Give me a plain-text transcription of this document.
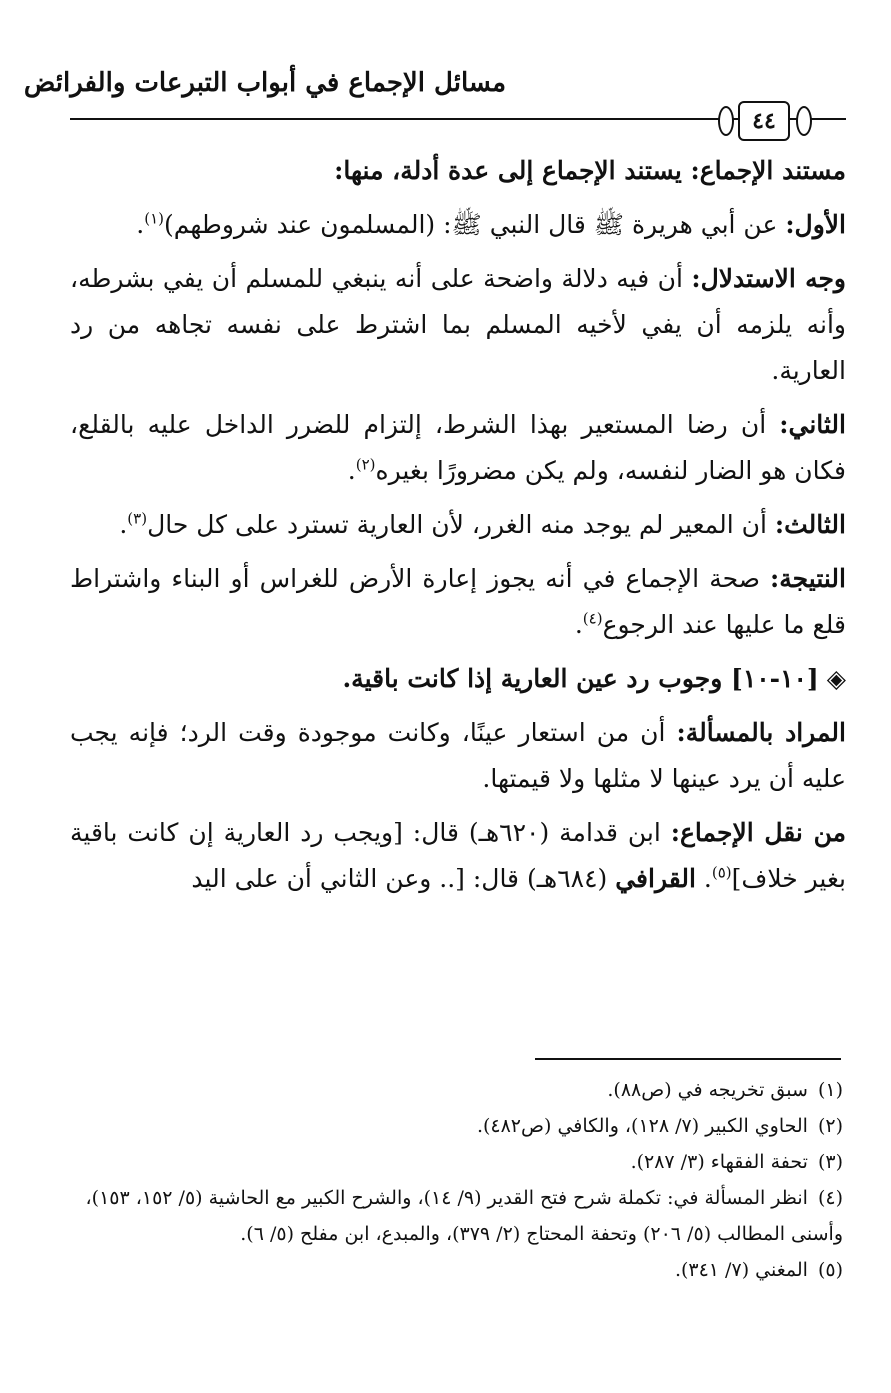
مسائل الإجماع في أبواب التبرعات والفرائض
٤٤

مستند الإجماع: يستند الإجماع إلى عدة أدلة، منها:

الأول: عن أبي هريرة ﷺ قال النبي ﷺ: (المسلمون عند شروطهم)$^{(١)}$.

وجه الاستدلال: أن فيه دلالة واضحة على أنه ينبغي للمسلم أن يفي بشرطه، وأنه يلزمه أن يفي لأخيه المسلم بما اشترط على نفسه تجاهه من رد العارية.

الثاني: أن رضا المستعير بهذا الشرط، إلتزام للضرر الداخل عليه بالقلع، فكان هو الضار لنفسه، ولم يكن مضرورًا بغيره$^{(٢)}$.

الثالث: أن المعير لم يوجد منه الغرر، لأن العارية تسترد على كل حال$^{(٣)}$.

النتيجة: صحة الإجماع في أنه يجوز إعارة الأرض للغراس أو البناء واشتراط قلع ما عليها عند الرجوع$^{(٤)}$.

◈[١٠-١٠] وجوب رد عين العارية إذا كانت باقية.

المراد بالمسألة: أن من استعار عينًا، وكانت موجودة وقت الرد؛ فإنه يجب عليه أن يرد عينها لا مثلها ولا قيمتها.

من نقل الإجماع: ابن قدامة (٦٢٠هـ) قال: [ويجب رد العارية إن كانت باقية بغير خلاف]$^{(٥)}$. القرافي (٦٨٤هـ) قال: [.. وعن الثاني أن على اليد

(١)سبق تخريجه في (ص٨٨).

(٢)الحاوي الكبير (٧/ ١٢٨)، والكافي (ص٤٨٢).

(٣)تحفة الفقهاء (٣/ ٢٨٧).

(٤)انظر المسألة في: تكملة شرح فتح القدير (٩/ ١٤)، والشرح الكبير مع الحاشية (٥/ ١٥٢، ١٥٣)، وأسنى المطالب (٥/ ٢٠٦) وتحفة المحتاج (٢/ ٣٧٩)، والمبدع، ابن مفلح (٥/ ٦).

(٥)المغني (٧/ ٣٤١).
